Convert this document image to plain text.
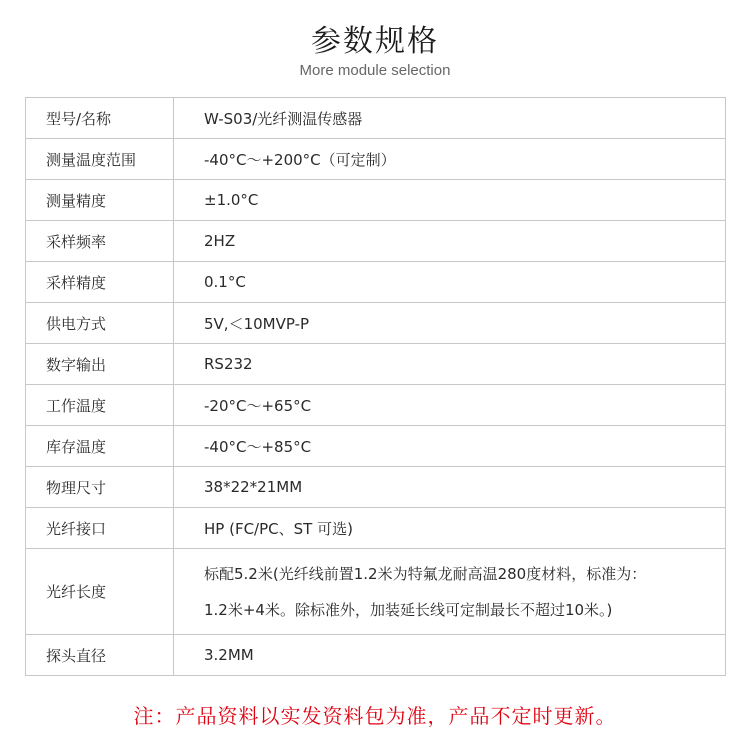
参数规格
More module selection
型号/名称	W-S03/光纤测温传感器
测量温度范围	-40°C～+200°C（可定制）
测量精度	±1.0°C
采样频率	2HZ
采样精度	0.1°C
供电方式	5V,＜10MVP-P
数字输出	RS232
工作温度	-20°C～+65°C
库存温度	-40°C～+85°C
物理尺寸	38*22*21MM
光纤接口	HP (FC/PC、ST 可选)
光纤长度	标配5.2米(光纤线前置1.2米为特氟龙耐高温280度材料，标准为：
1.2米+4米。除标准外，加装延长线可定制最长不超过10米。)

探头直径	3.2MM
注：产品资料以实发资料包为准，产品不定时更新。
